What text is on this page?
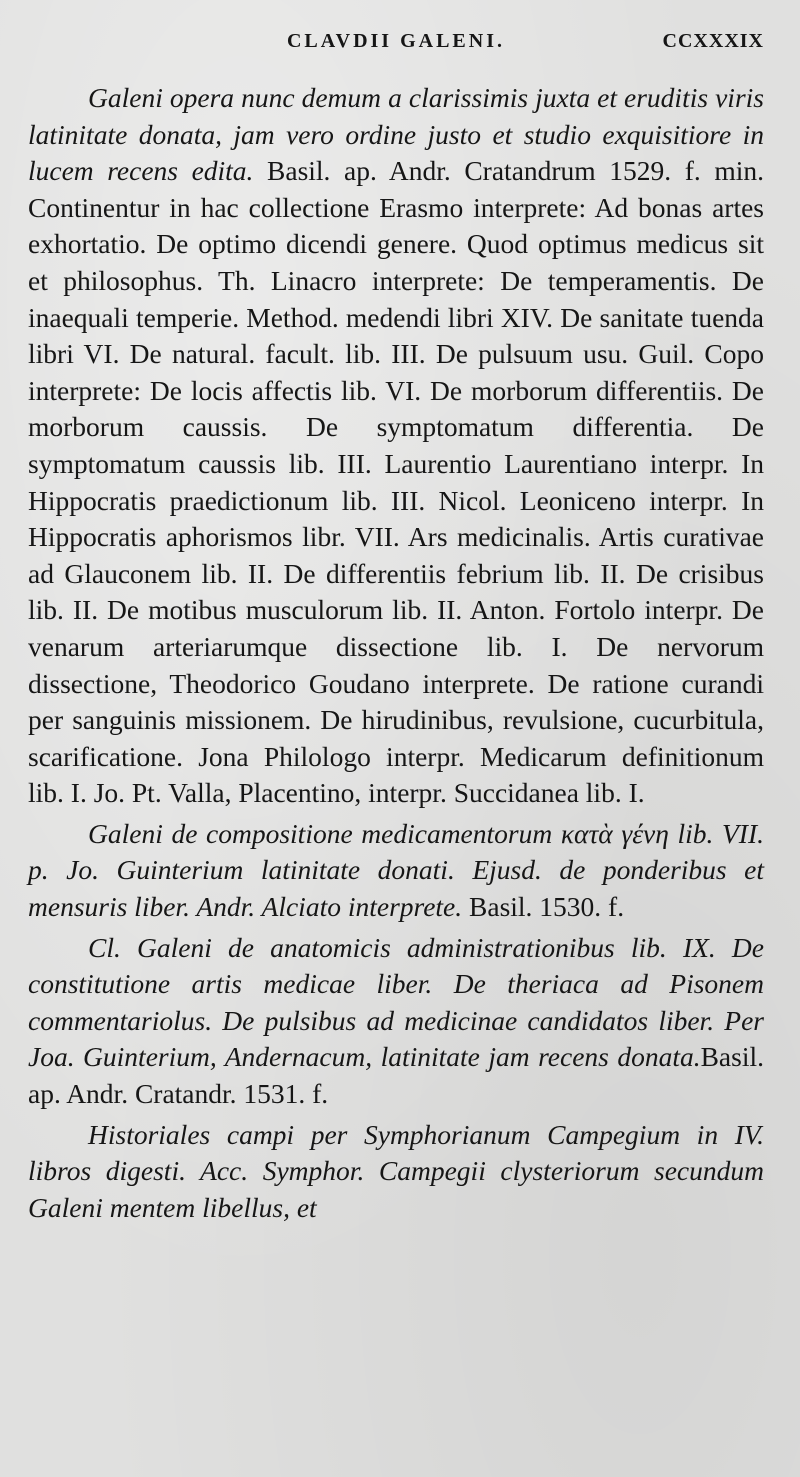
CLAVDII GALENI.	CCXXXIX

Galeni opera nunc demum a clarissimis juxta et eruditis viris latinitate donata, jam vero ordine justo et studio exquisitiore in lucem recens edita. Basil. ap. Andr. Cratandrum 1529. f. min. Continentur in hac collectione Erasmo interprete: Ad bonas artes exhortatio. De optimo dicendi genere. Quod optimus medicus sit et philosophus. Th. Linacro interprete: De temperamentis. De inaequali temperie. Method. medendi libri XIV. De sanitate tuenda libri VI. De natural. facult. lib. III. De pulsuum usu. Guil. Copo interprete: De locis affectis lib. VI. De morborum differentiis. De morborum caussis. De symptomatum differentia. De symptomatum caussis lib. III. Laurentio Laurentiano interpr. In Hippocratis praedictionum lib. III. Nicol. Leoniceno interpr. In Hippocratis aphorismos libr. VII. Ars medicinalis. Artis curativae ad Glauconem lib. II. De differentiis febrium lib. II. De crisibus lib. II. De motibus musculorum lib. II. Anton. Fortolo interpr. De venarum arteriarumque dissectione lib. I. De nervorum dissectione, Theodorico Goudano interprete. De ratione curandi per sanguinis missionem. De hirudinibus, revulsione, cucurbitula, scarificatione. Jona Philologo interpr. Medicarum definitionum lib. I. Jo. Pt. Valla, Placentino, interpr. Succidanea lib. I.

Galeni de compositione medicamentorum κατὰ γένη lib. VII. p. Jo. Guinterium latinitate donati. Ejusd. de ponderibus et mensuris liber. Andr. Alciato interprete. Basil. 1530. f.

Cl. Galeni de anatomicis administrationibus lib. IX. De constitutione artis medicae liber. De theriaca ad Pisonem commentariolus. De pulsibus ad medicinae candidatos liber. Per Joa. Guinterium, Andernacum, latinitate jam recens donata.Basil. ap. Andr. Cratandr. 1531. f.

Historiales campi per Symphorianum Campegium in IV. libros digesti. Acc. Symphor. Campegii clysteriorum secundum Galeni mentem libellus, et
